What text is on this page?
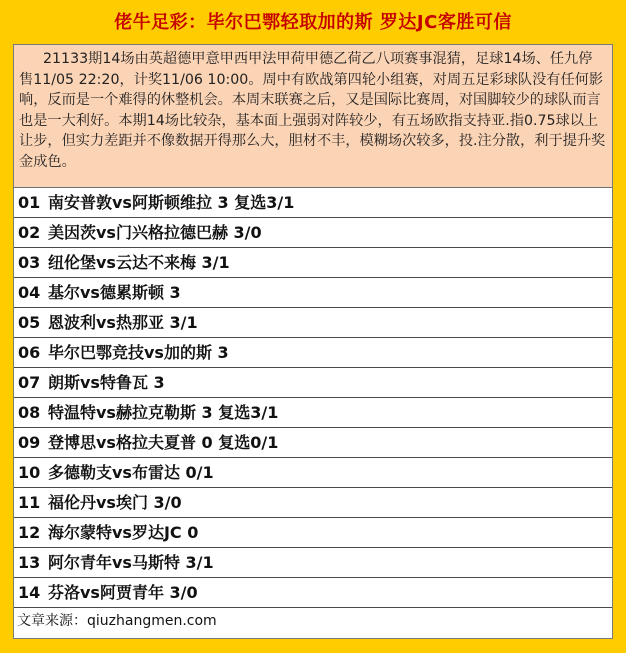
佬牛足彩：毕尔巴鄂轻取加的斯 罗达JC客胜可信
21133期14场由英超德甲意甲西甲法甲荷甲德乙荷乙八项赛事混猜，足球14场、任九停售11/05 22:20，计奖11/06 10:00。周中有欧战第四轮小组赛，对周五足彩球队没有任何影响，反而是一个难得的休整机会。本周末联赛之后，又是国际比赛周，对国脚较少的球队而言也是一大利好。本期14场比较杂，基本面上强弱对阵较少，有五场欧指支持亚.指0.75球以上让步，但实力差距并不像数据开得那么大，胆材不丰，模糊场次较多，投.注分散，利于提升奖金成色。
01 南安普敦vs阿斯顿维拉 3 复选3/1
02 美因茨vs门兴格拉德巴赫 3/0
03 纽伦堡vs云达不来梅 3/1
04 基尔vs德累斯顿 3
05 恩波利vs热那亚 3/1
06 毕尔巴鄂竞技vs加的斯 3
07 朗斯vs特鲁瓦 3
08 特温特vs赫拉克勒斯 3 复选3/1
09 登博思vs格拉夫夏普 0 复选0/1
10 多德勒支vs布雷达 0/1
11 福伦丹vs埃门 3/0
12 海尔蒙特vs罗达JC 0
13 阿尔青年vs马斯特 3/1
14 芬洛vs阿贾青年 3/0
文章来源：qiuzhangmen.com
